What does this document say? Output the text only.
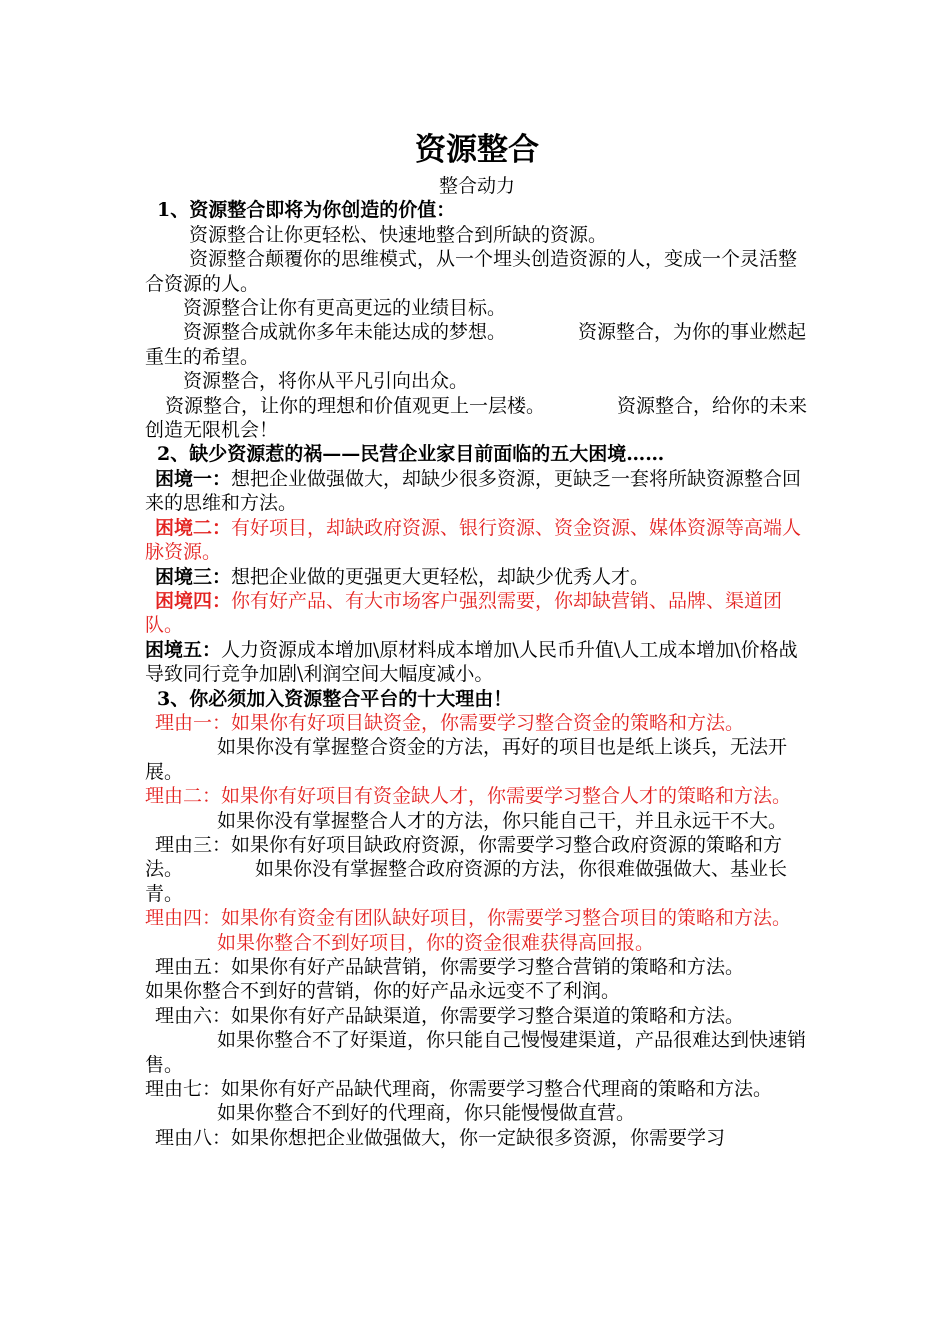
资源整合

整合动力

1、资源整合即将为你创造的价值：

资源整合让你更轻松、快速地整合到所缺的资源。

资源整合颠覆你的思维模式，从一个埋头创造资源的人，变成一个灵活整合资源的人。

资源整合让你有更高更远的业绩目标。

资源整合成就你多年未能达成的梦想。	资源整合，为你的事业燃起重生的希望。

资源整合，将你从平凡引向出众。

资源整合，让你的理想和价值观更上一层楼。	资源整合，给你的未来创造无限机会！

2、缺少资源惹的祸——民营企业家目前面临的五大困境……

困境一：想把企业做强做大，却缺少很多资源，更缺乏一套将所缺资源整合回来的思维和方法。

困境二：有好项目，却缺政府资源、银行资源、资金资源、媒体资源等高端人脉资源。

困境三：想把企业做的更强更大更轻松，却缺少优秀人才。

困境四：你有好产品、有大市场客户强烈需要，你却缺营销、品牌、渠道团队。

困境五：人力资源成本增加\原材料成本增加\人民币升值\人工成本增加\价格战导致同行竞争加剧\利润空间大幅度减小。

3、你必须加入资源整合平台的十大理由！

理由一：如果你有好项目缺资金，你需要学习整合资金的策略和方法。如果你没有掌握整合资金的方法，再好的项目也是纸上谈兵，无法开展。

理由二：如果你有好项目有资金缺人才，你需要学习整合人才的策略和方法。如果你没有掌握整合人才的方法，你只能自己干，并且永远干不大。

理由三：如果你有好项目缺政府资源，你需要学习整合政府资源的策略和方法。	如果你没有掌握整合政府资源的方法，你很难做强做大、基业长青。

理由四：如果你有资金有团队缺好项目，你需要学习整合项目的策略和方法。如果你整合不到好项目，你的资金很难获得高回报。

理由五：如果你有好产品缺营销，你需要学习整合营销的策略和方法。

如果你整合不到好的营销，你的好产品永远变不了利润。

理由六：如果你有好产品缺渠道，你需要学习整合渠道的策略和方法。如果你整合不了好渠道，你只能自己慢慢建渠道，产品很难达到快速销售。

理由七：如果你有好产品缺代理商，你需要学习整合代理商的策略和方法。如果你整合不到好的代理商，你只能慢慢做直营。

理由八：如果你想把企业做强做大，你一定缺很多资源，你需要学习
